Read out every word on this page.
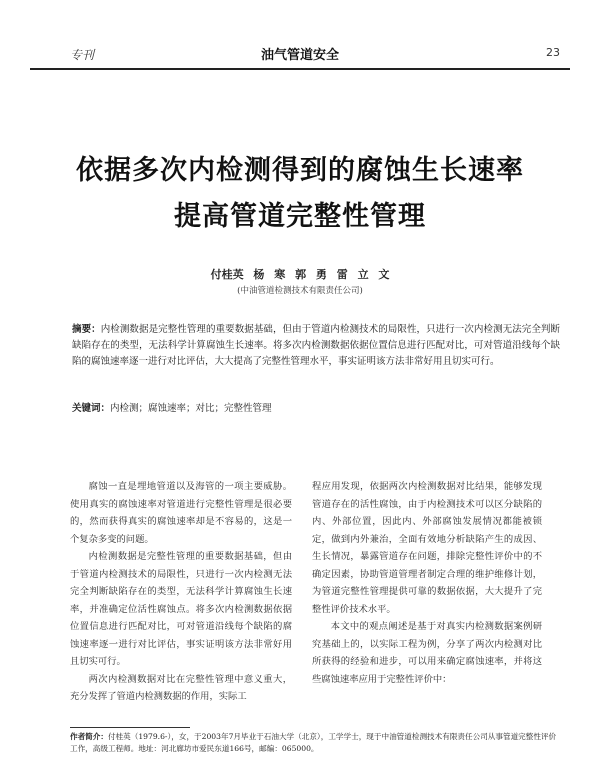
专刊	油气管道安全	23
依据多次内检测得到的腐蚀生长速率
提高管道完整性管理
付桂英 杨 寒 郭 勇 雷 立 文
(中油管道检测技术有限责任公司)
摘要：内检测数据是完整性管理的重要数据基础，但由于管道内检测技术的局限性，只进行一次内检测无法完全判断缺陷存在的类型，无法科学计算腐蚀生长速率。将多次内检测数据依据位置信息进行匹配对比，可对管道沿线每个缺陷的腐蚀速率逐一进行对比评估，大大提高了完整性管理水平，事实证明该方法非常好用且切实可行。
关键词：内检测；腐蚀速率；对比；完整性管理

腐蚀一直是埋地管道以及海管的一项主要威胁。使用真实的腐蚀速率对管道进行完整性管理是很必要的，然而获得真实的腐蚀速率却是不容易的，这是一个复杂多变的问题。

内检测数据是完整性管理的重要数据基础，但由于管道内检测技术的局限性，只进行一次内检测无法完全判断缺陷存在的类型，无法科学计算腐蚀生长速率，并准确定位活性腐蚀点。将多次内检测数据依据位置信息进行匹配对比，可对管道沿线每个缺陷的腐蚀速率逐一进行对比评估，事实证明该方法非常好用且切实可行。

两次内检测数据对比在完整性管理中意义重大，充分发挥了管道内检测数据的作用，实际工

程应用发现，依据两次内检测数据对比结果，能够发现管道存在的活性腐蚀，由于内检测技术可以区分缺陷的内、外部位置，因此内、外部腐蚀发展情况都能被锁定，做到内外兼治，全面有效地分析缺陷产生的成因、生长情况，暴露管道存在问题，排除完整性评价中的不确定因素，协助管道管理者制定合理的维护维修计划，为管道完整性管理提供可靠的数据依据，大大提升了完整性评价技术水平。

本文中的观点阐述是基于对真实内检测数据案例研究基础上的，以实际工程为例，分享了两次内检测对比所获得的经验和进步，可以用来确定腐蚀速率，并将这些腐蚀速率应用于完整性评价中：

作者简介：付桂英（1979.6-），女，于2003年7月毕业于石油大学（北京），工学学士，现于中油管道检测技术有限责任公司从事管道完整性评价工作，高级工程师。地址：河北廊坊市爱民东道166号，邮编：065000。
